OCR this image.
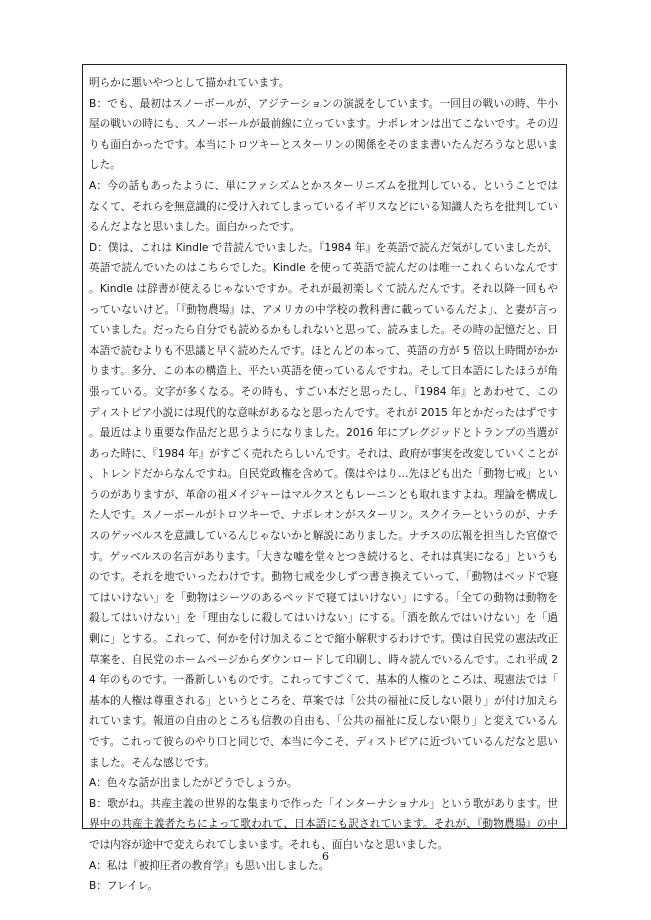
明らかに悪いやつとして描かれています。

B：でも、最初はスノーボールが、アジテーションの演説をしています。一回目の戦いの時、牛小屋の戦いの時にも、スノーボールが最前線に立っています。ナポレオンは出てこないです。その辺りも面白かったです。本当にトロツキーとスターリンの関係をそのまま書いたんだろうなと思いました。

A：今の話もあったように、単にファシズムとかスターリニズムを批判している、ということではなくて、それらを無意識的に受け入れてしまっているイギリスなどにいる知識人たちを批判しているんだよなと思いました。面白かったです。

D：僕は、これは Kindle で昔読んでいました。『1984 年』を英語で読んだ気がしていましたが、英語で読んでいたのはこちらでした。Kindle を使って英語で読んだのは唯一これくらいなんです。Kindle は辞書が使えるじゃないですか。それが最初楽しくて読んだんです。それ以降一回もやっていないけど。「『動物農場』は、アメリカの中学校の教科書に載っているんだよ」、と妻が言っていました。だったら自分でも読めるかもしれないと思って、読みました。その時の記憶だと、日本語で読むよりも不思議と早く読めたんです。ほとんどの本って、英語の方が 5 倍以上時間がかかります。多分、この本の構造上、平たい英語を使っているんですね。そして日本語にしたほうが角張っている。文字が多くなる。その時も、すごい本だと思ったし、『1984 年』とあわせて、このディストピア小説には現代的な意味があるなと思ったんです。それが 2015 年とかだったはずです。最近はより重要な作品だと思うようになりました。2016 年にブレグジッドとトランプの当選があった時に、『1984 年』がすごく売れたらしいんです。それは、政府が事実を改変していくことが、トレンドだからなんですね。自民党政権を含めて。僕はやはり…先ほども出た「動物七戒」というのがありますが、革命の祖メイジャーはマルクスともレーニンとも取れますよね。理論を構成した人です。スノーボールがトロツキーで、ナポレオンがスターリン。スクイラーというのが、ナチスのゲッベルスを意識しているんじゃないかと解説にありました。ナチスの広報を担当した官僚です。ゲッベルスの名言があります。「大きな嘘を堂々とつき続けると、それは真実になる」というものです。それを地でいったわけです。動物七戒を少しずつ書き換えていって、「動物はベッドで寝てはいけない」を「動物はシーツのあるベッドで寝てはいけない」にする。「全ての動物は動物を殺してはいけない」を「理由なしに殺してはいけない」にする。「酒を飲んではいけない」を「過剰に」とする。これって、何かを付け加えることで縮小解釈するわけです。僕は自民党の憲法改正草案を、自民党のホームページからダウンロードして印刷し、時々読んでいるんです。これ平成 24 年のものです。一番新しいものです。これってすごくて、基本的人権のところは、現憲法では「基本的人権は尊重される」というところを、草案では「公共の福祉に反しない限り」が付け加えられています。報道の自由のところも信教の自由も、「公共の福祉に反しない限り」と変えているんです。これって彼らのやり口と同じで、本当に今こそ、ディストピアに近づいているんだなと思いました。そんな感じです。

A：色々な話が出ましたがどうでしょうか。

B：歌がね。共産主義の世界的な集まりで作った「インターナショナル」という歌があります。世界中の共産主義者たちによって歌われて、日本語にも訳されています。それが、『動物農場』の中では内容が途中で変えられてしまいます。それも、面白いなと思いました。

A：私は『被抑圧者の教育学』も思い出しました。

B：フレイレ。

6
